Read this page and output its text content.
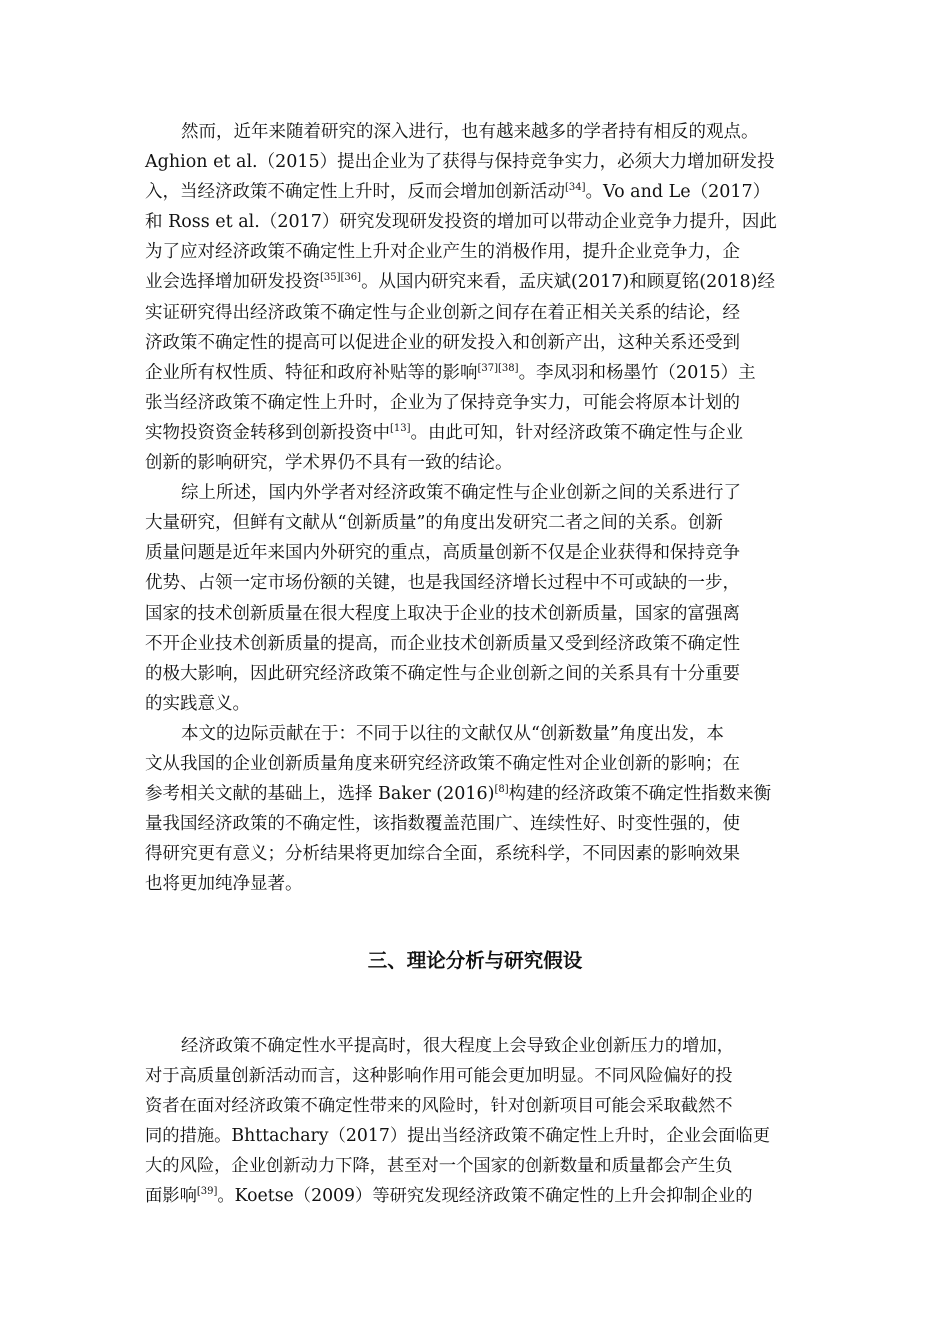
然而，近年来随着研究的深入进行，也有越来越多的学者持有相反的观点。
Aghion et al.（2015）提出企业为了获得与保持竞争实力，必须大力增加研发投
入，当经济政策不确定性上升时，反而会增加创新活动[34]。Vo and Le（2017）
和 Ross et al.（2017）研究发现研发投资的增加可以带动企业竞争力提升，因此
为了应对经济政策不确定性上升对企业产生的消极作用，提升企业竞争力，企
业会选择增加研发投资[35][36]。从国内研究来看，孟庆斌(2017)和顾夏铭(2018)经
实证研究得出经济政策不确定性与企业创新之间存在着正相关关系的结论，经
济政策不确定性的提高可以促进企业的研发投入和创新产出，这种关系还受到
企业所有权性质、特征和政府补贴等的影响[37][38]。李凤羽和杨墨竹（2015）主
张当经济政策不确定性上升时，企业为了保持竞争实力，可能会将原本计划的
实物投资资金转移到创新投资中[13]。由此可知，针对经济政策不确定性与企业
创新的影响研究，学术界仍不具有一致的结论。
综上所述，国内外学者对经济政策不确定性与企业创新之间的关系进行了
大量研究，但鲜有文献从“创新质量”的角度出发研究二者之间的关系。创新
质量问题是近年来国内外研究的重点，高质量创新不仅是企业获得和保持竞争
优势、占领一定市场份额的关键，也是我国经济增长过程中不可或缺的一步，
国家的技术创新质量在很大程度上取决于企业的技术创新质量，国家的富强离
不开企业技术创新质量的提高，而企业技术创新质量又受到经济政策不确定性
的极大影响，因此研究经济政策不确定性与企业创新之间的关系具有十分重要
的实践意义。
本文的边际贡献在于：不同于以往的文献仅从“创新数量”角度出发，本
文从我国的企业创新质量角度来研究经济政策不确定性对企业创新的影响；在
参考相关文献的基础上，选择 Baker (2016)[8]构建的经济政策不确定性指数来衡
量我国经济政策的不确定性，该指数覆盖范围广、连续性好、时变性强的，使
得研究更有意义；分析结果将更加综合全面，系统科学，不同因素的影响效果
也将更加纯净显著。
三、理论分析与研究假设
经济政策不确定性水平提高时，很大程度上会导致企业创新压力的增加，
对于高质量创新活动而言，这种影响作用可能会更加明显。不同风险偏好的投
资者在面对经济政策不确定性带来的风险时，针对创新项目可能会采取截然不
同的措施。Bhttachary（2017）提出当经济政策不确定性上升时，企业会面临更
大的风险，企业创新动力下降，甚至对一个国家的创新数量和质量都会产生负
面影响[39]。Koetse（2009）等研究发现经济政策不确定性的上升会抑制企业的
